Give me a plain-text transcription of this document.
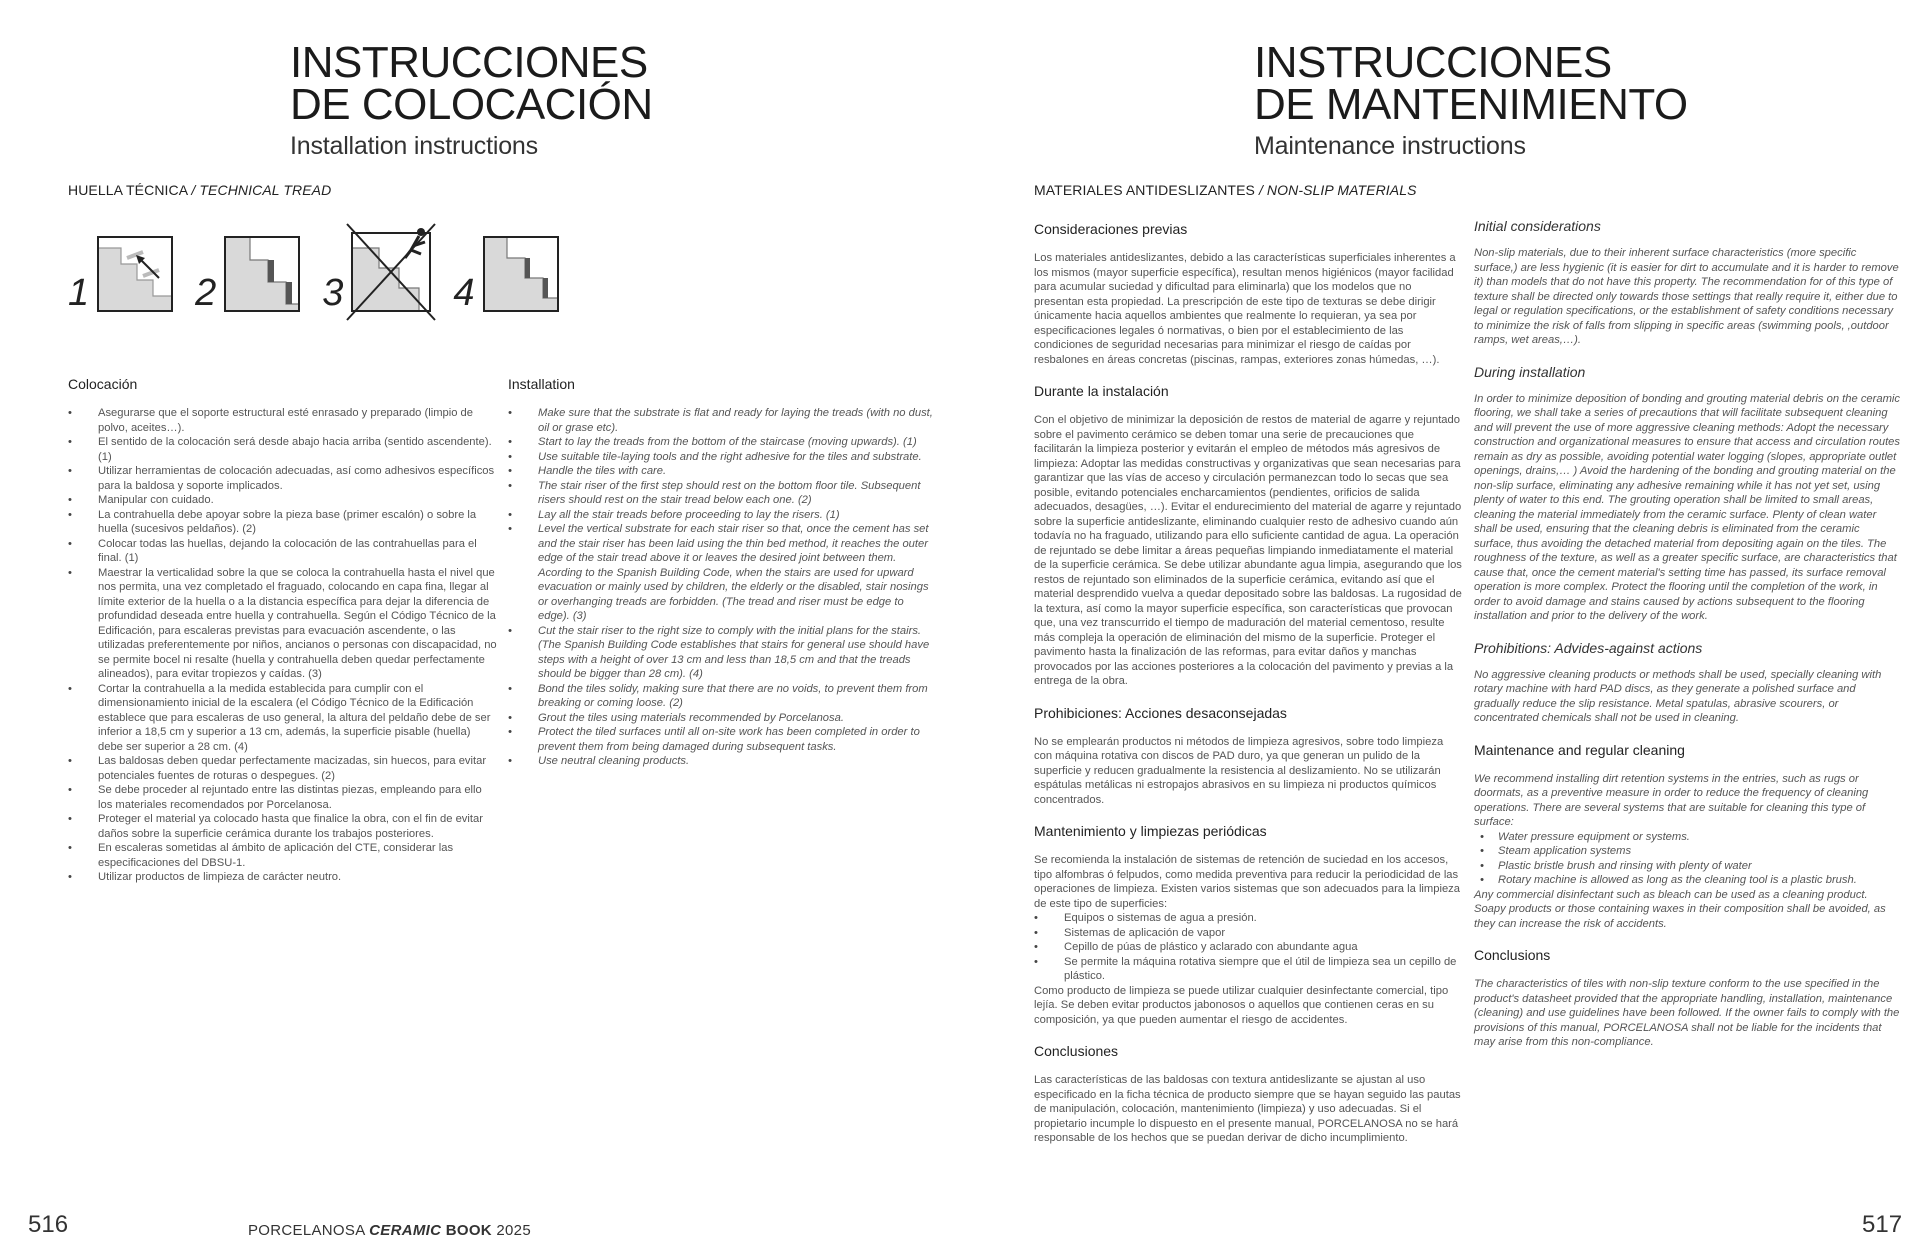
INSTRUCCIONES
DE COLOCACIÓN
Installation instructions
HUELLA TÉCNICA / TECHNICAL TREAD
1	2	3	4
Colocación
• Asegurarse que el soporte estructural esté enrasado y preparado (limpio de polvo, aceites…).
• El sentido de la colocación será desde abajo hacia arriba (sentido ascendente). (1)
• Utilizar herramientas de colocación adecuadas, así como adhesivos específicos para la baldosa y soporte implicados.
• Manipular con cuidado.
• La contrahuella debe apoyar sobre la pieza base (primer escalón) o sobre la huella (sucesivos peldaños). (2)
• Colocar todas las huellas, dejando la colocación de las contrahuellas para el final. (1)
• Maestrar la verticalidad sobre la que se coloca la contrahuella hasta el nivel que nos permita, una vez completado el fraguado, colocando en capa fina, llegar al límite exterior de la huella o a la distancia específica para dejar la diferencia de profundidad deseada entre huella y contrahuella. Según el Código Técnico de la Edificación, para escaleras previstas para evacuación ascendente, o las utilizadas preferentemente por niños, ancianos o personas con discapacidad, no se permite bocel ni resalte (huella y contrahuella deben quedar perfectamente alineados), para evitar tropiezos y caídas. (3)
• Cortar la contrahuella a la medida establecida para cumplir con el dimensionamiento inicial de la escalera (el Código Técnico de la Edificación establece que para escaleras de uso general, la altura del peldaño debe de ser inferior a 18,5 cm y superior a 13 cm, además, la superficie pisable (huella) debe ser superior a 28 cm. (4)
• Las baldosas deben quedar perfectamente macizadas, sin huecos, para evitar potenciales fuentes de roturas o despegues. (2)
• Se debe proceder al rejuntado entre las distintas piezas, empleando para ello los materiales recomendados por Porcelanosa.
• Proteger el material ya colocado hasta que finalice la obra, con el fin de evitar daños sobre la superficie cerámica durante los trabajos posteriores.
• En escaleras sometidas al ámbito de aplicación del CTE, considerar las especificaciones del DBSU-1.
• Utilizar productos de limpieza de carácter neutro.
Installation
• Make sure that the substrate is flat and ready for laying the treads (with no dust, oil or grase etc).
• Start to lay the treads from the bottom of the staircase (moving upwards). (1)
• Use suitable tile-laying tools and the right adhesive for the tiles and substrate.
• Handle the tiles with care.
• The stair riser of the first step should rest on the bottom floor tile. Subsequent risers should rest on the stair tread below each one. (2)
• Lay all the stair treads before proceeding to lay the risers. (1)
• Level the vertical substrate for each stair riser so that, once the cement has set and the stair riser has been laid using the thin bed method, it reaches the outer edge of the stair tread above it or leaves the desired joint between them. Acording to the Spanish Building Code, when the stairs are used for upward evacuation or mainly used by children, the elderly or the disabled, stair nosings or overhanging treads are forbidden. (The tread and riser must be edge to edge). (3)
• Cut the stair riser to the right size to comply with the initial plans for the stairs. (The Spanish Building Code establishes that stairs for general use should have steps with a height of over 13 cm and less than 18,5 cm and that the treads should be bigger than 28 cm). (4)
• Bond the tiles solidy, making sure that there are no voids, to prevent them from breaking or coming loose. (2)
• Grout the tiles using materials recommended by Porcelanosa.
• Protect the tiled surfaces until all on-site work has been completed in order to prevent them from being damaged during subsequent tasks.
• Use neutral cleaning products.
516	PORCELANOSA CERAMIC BOOK 2025
INSTRUCCIONES
DE MANTENIMIENTO
Maintenance instructions
MATERIALES ANTIDESLIZANTES / NON-SLIP MATERIALS
Consideraciones previas

Los materiales antideslizantes, debido a las características superficiales inherentes a los mismos (mayor superficie específica), resultan menos higiénicos (mayor facilidad para acumular suciedad y dificultad para eliminarla) que los modelos que no presentan esta propiedad. La prescripción de este tipo de texturas se debe dirigir únicamente hacia aquellos ambientes que realmente lo requieran, ya sea por especificaciones legales ó normativas, o bien por el establecimiento de las condiciones de seguridad necesarias para minimizar el riesgo de caídas por resbalones en áreas concretas (piscinas, rampas, exteriores zonas húmedas, …).

Durante la instalación

Con el objetivo de minimizar la deposición de restos de material de agarre y rejuntado sobre el pavimento cerámico se deben tomar una serie de precauciones que facilitarán la limpieza posterior y evitarán el empleo de métodos más agresivos de limpieza: Adoptar las medidas constructivas y organizativas que sean necesarias para garantizar que las vías de acceso y circulación permanezcan todo lo secas que sea posible, evitando potenciales encharcamientos (pendientes, orificios de salida adecuados, desagües, …). Evitar el endurecimiento del material de agarre y rejuntado sobre la superficie antideslizante, eliminando cualquier resto de adhesivo cuando aún todavía no ha fraguado, utilizando para ello suficiente cantidad de agua. La operación de rejuntado se debe limitar a áreas pequeñas limpiando inmediatamente el material de la superficie cerámica. Se debe utilizar abundante agua limpia, asegurando que los restos de rejuntado son eliminados de la superficie cerámica, evitando así que el material desprendido vuelva a quedar depositado sobre las baldosas. La rugosidad de la textura, así como la mayor superficie específica, son características que provocan que, una vez transcurrido el tiempo de maduración del material cementoso, resulte más compleja la operación de eliminación del mismo de la superficie. Proteger el pavimento hasta la finalización de las reformas, para evitar daños y manchas provocados por las acciones posteriores a la colocación del pavimento y previas a la entrega de la obra.

Prohibiciones: Acciones desaconsejadas

No se emplearán productos ni métodos de limpieza agresivos, sobre todo limpieza con máquina rotativa con discos de PAD duro, ya que generan un pulido de la superficie y reducen gradualmente la resistencia al deslizamiento. No se utilizarán espátulas metálicas ni estropajos abrasivos en su limpieza ni productos químicos concentrados.

Mantenimiento y limpiezas periódicas

Se recomienda la instalación de sistemas de retención de suciedad en los accesos, tipo alfombras ó felpudos, como medida preventiva para reducir la periodicidad de las operaciones de limpieza. Existen varios sistemas que son adecuados para la limpieza de este tipo de superficies:

• Equipos o sistemas de agua a presión.
• Sistemas de aplicación de vapor
• Cepillo de púas de plástico y aclarado con abundante agua
• Se permite la máquina rotativa siempre que el útil de limpieza sea un cepillo de plástico.

Como producto de limpieza se puede utilizar cualquier desinfectante comercial, tipo lejía. Se deben evitar productos jabonosos o aquellos que contienen ceras en su composición, ya que pueden aumentar el riesgo de accidentes.

Conclusiones

Las características de las baldosas con textura antideslizante se ajustan al uso especificado en la ficha técnica de producto siempre que se hayan seguido las pautas de manipulación, colocación, mantenimiento (limpieza) y uso adecuadas. Si el propietario incumple lo dispuesto en el presente manual, PORCELANOSA no se hará responsable de los hechos que se puedan derivar de dicho incumplimiento.

Initial considerations

Non-slip materials, due to their inherent surface characteristics (more specific surface,) are less hygienic (it is easier for dirt to accumulate and it is harder to remove it) than models that do not have this property. The recommendation for of this type of texture shall be directed only towards those settings that really require it, either due to legal or regulation specifications, or the establishment of safety conditions necessary to minimize the risk of falls from slipping in specific areas (swimming pools, ,outdoor ramps, wet areas,…).

During installation

In order to minimize deposition of bonding and grouting material debris on the ceramic flooring, we shall take a series of precautions that will facilitate subsequent cleaning and will prevent the use of more aggressive cleaning methods: Adopt the necessary construction and organizational measures to ensure that access and circulation routes remain as dry as possible, avoiding potential water logging (slopes, appropriate outlet openings, drains,… ) Avoid the hardening of the bonding and grouting material on the non-slip surface, eliminating any adhesive remaining while it has not yet set, using plenty of water to this end. The grouting operation shall be limited to small areas, cleaning the material immediately from the ceramic surface. Plenty of clean water shall be used, ensuring that the cleaning debris is eliminated from the ceramic surface, thus avoiding the detached material from depositing again on the tiles. The roughness of the texture, as well as a greater specific surface, are characteristics that cause that, once the cement material's setting time has passed, its surface removal operation is more complex. Protect the flooring until the completion of the work, in order to avoid damage and stains caused by actions subsequent to the flooring installation and prior to the delivery of the work.

Prohibitions: Advides-against actions

No aggressive cleaning products or methods shall be used, specially cleaning with rotary machine with hard PAD discs, as they generate a polished surface and gradually reduce the slip resistance. Metal spatulas, abrasive scourers, or concentrated chemicals shall not be used in cleaning.

Maintenance and regular cleaning

We recommend installing dirt retention systems in the entries, such as rugs or doormats, as a preventive measure in order to reduce the frequency of cleaning operations. There are several systems that are suitable for cleaning this type of surface:

• Water pressure equipment or systems.
• Steam application systems
• Plastic bristle brush and rinsing with plenty of water
• Rotary machine is allowed as long as the cleaning tool is a plastic brush.

Any commercial disinfectant such as bleach can be used as a cleaning product. Soapy products or those containing waxes in their composition shall be avoided, as they can increase the risk of accidents.

Conclusions

The characteristics of tiles with non-slip texture conform to the use specified in the product's datasheet provided that the appropriate handling, installation, maintenance (cleaning) and use guidelines have been followed. If the owner fails to comply with the provisions of this manual, PORCELANOSA shall not be liable for the incidents that may arise from this non-compliance.

517
